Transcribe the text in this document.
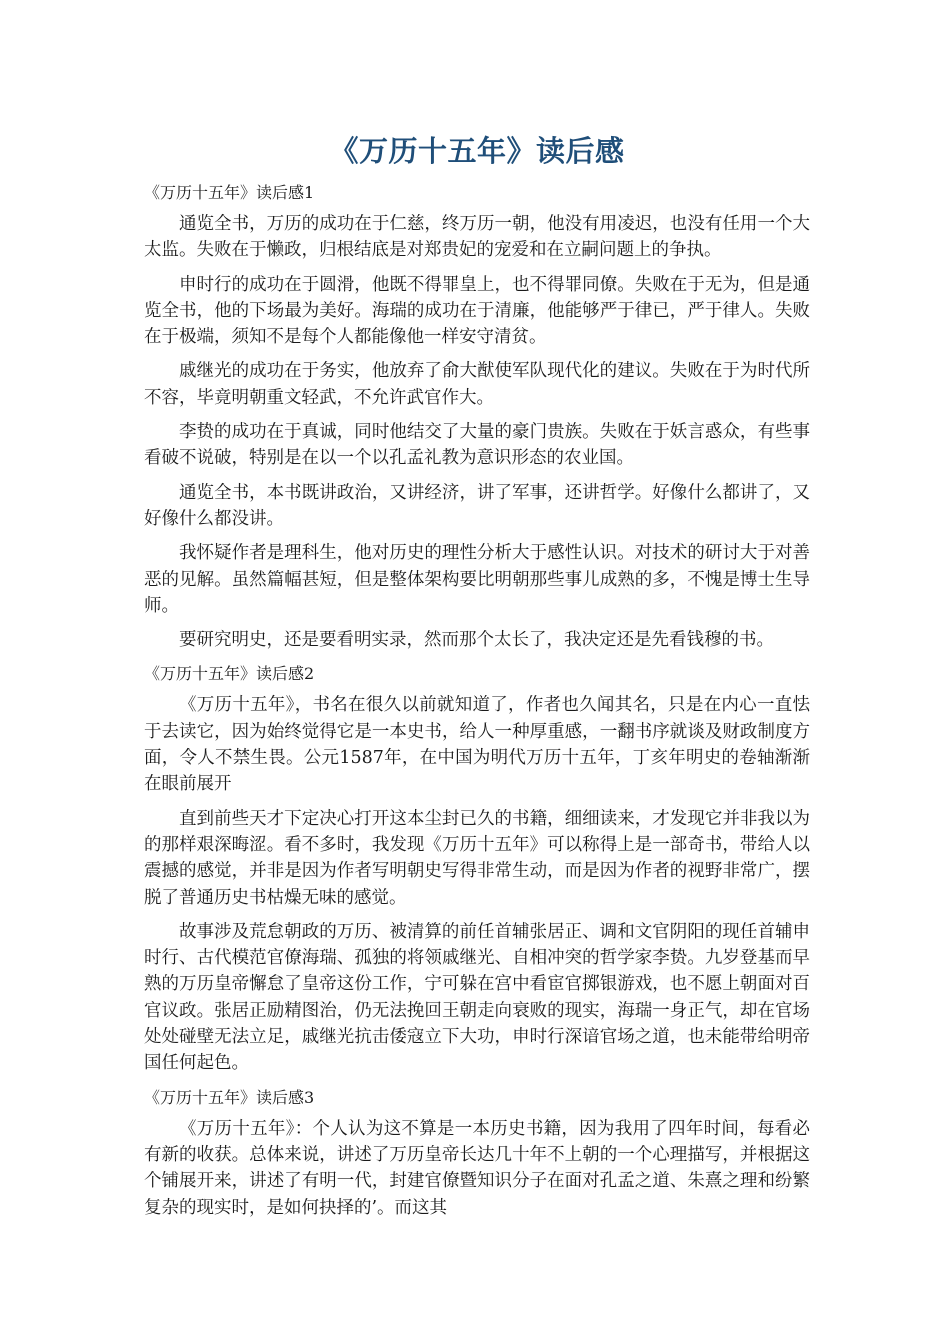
《万历十五年》读后感
《万历十五年》读后感1

通览全书，万历的成功在于仁慈，终万历一朝，他没有用凌迟，也没有任用一个大太监。失败在于懒政，归根结底是对郑贵妃的宠爱和在立嗣问题上的争执。

申时行的成功在于圆滑，他既不得罪皇上，也不得罪同僚。失败在于无为，但是通览全书，他的下场最为美好。海瑞的成功在于清廉，他能够严于律已，严于律人。失败在于极端，须知不是每个人都能像他一样安守清贫。

戚继光的成功在于务实，他放弃了俞大猷使军队现代化的建议。失败在于为时代所不容，毕竟明朝重文轻武，不允许武官作大。

李贽的成功在于真诚，同时他结交了大量的豪门贵族。失败在于妖言惑众，有些事看破不说破，特别是在以一个以孔孟礼教为意识形态的农业国。

通览全书，本书既讲政治，又讲经济，讲了军事，还讲哲学。好像什么都讲了，又好像什么都没讲。

我怀疑作者是理科生，他对历史的理性分析大于感性认识。对技术的研讨大于对善恶的见解。虽然篇幅甚短，但是整体架构要比明朝那些事儿成熟的多，不愧是博士生导师。

要研究明史，还是要看明实录，然而那个太长了，我决定还是先看钱穆的书。

《万历十五年》读后感2

《万历十五年》，书名在很久以前就知道了，作者也久闻其名，只是在内心一直怯于去读它，因为始终觉得它是一本史书，给人一种厚重感，一翻书序就谈及财政制度方面，令人不禁生畏。公元1587年，在中国为明代万历十五年，丁亥年明史的卷轴渐渐在眼前展开

直到前些天才下定决心打开这本尘封已久的书籍，细细读来，才发现它并非我以为的那样艰深晦涩。看不多时，我发现《万历十五年》可以称得上是一部奇书，带给人以震撼的感觉，并非是因为作者写明朝史写得非常生动，而是因为作者的视野非常广，摆脱了普通历史书枯燥无味的感觉。

故事涉及荒怠朝政的万历、被清算的前任首辅张居正、调和文官阴阳的现任首辅申时行、古代模范官僚海瑞、孤独的将领戚继光、自相冲突的哲学家李贽。九岁登基而早熟的万历皇帝懈怠了皇帝这份工作，宁可躲在宫中看宦官掷银游戏，也不愿上朝面对百官议政。张居正励精图治，仍无法挽回王朝走向衰败的现实，海瑞一身正气，却在官场处处碰壁无法立足，戚继光抗击倭寇立下大功，申时行深谙官场之道，也未能带给明帝国任何起色。

《万历十五年》读后感3

《万历十五年》：个人认为这不算是一本历史书籍，因为我用了四年时间，每看必有新的收获。总体来说，讲述了万历皇帝长达几十年不上朝的一个心理描写，并根据这个铺展开来，讲述了有明一代，封建官僚暨知识分子在面对孔孟之道、朱熹之理和纷繁复杂的现实时，是如何抉择的’。而这其
